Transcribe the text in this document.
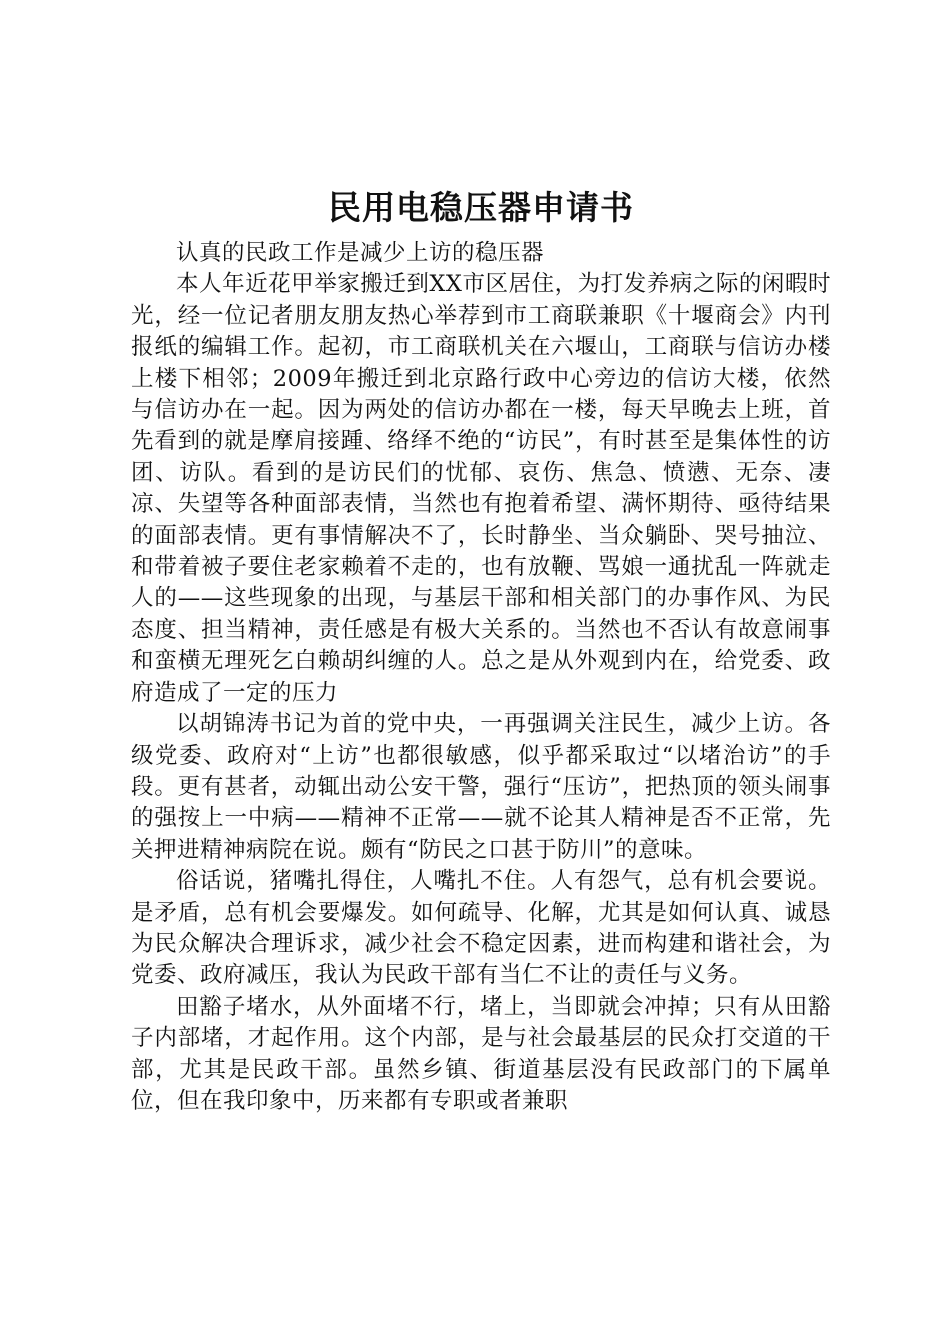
民用电稳压器申请书

认真的民政工作是减少上访的稳压器

本人年近花甲举家搬迁到XX市区居住，为打发养病之际的闲暇时光，经一位记者朋友朋友热心举荐到市工商联兼职《十堰商会》内刊报纸的编辑工作。起初，市工商联机关在六堰山，工商联与信访办楼上楼下相邻；2009年搬迁到北京路行政中心旁边的信访大楼，依然与信访办在一起。因为两处的信访办都在一楼，每天早晚去上班，首先看到的就是摩肩接踵、络绎不绝的“访民”，有时甚至是集体性的访团、访队。看到的是访民们的忧郁、哀伤、焦急、愤懑、无奈、凄凉、失望等各种面部表情，当然也有抱着希望、满怀期待、亟待结果的面部表情。更有事情解决不了，长时静坐、当众躺卧、哭号抽泣、和带着被子要住老家赖着不走的，也有放鞭、骂娘一通扰乱一阵就走人的——这些现象的出现，与基层干部和相关部门的办事作风、为民态度、担当精神，责任感是有极大关系的。当然也不否认有故意闹事和蛮横无理死乞白赖胡纠缠的人。总之是从外观到内在，给党委、政府造成了一定的压力

以胡锦涛书记为首的党中央，一再强调关注民生，减少上访。各级党委、政府对“上访”也都很敏感，似乎都采取过“以堵治访”的手段。更有甚者，动辄出动公安干警，强行“压访”，把热顶的领头闹事的强按上一中病——精神不正常——就不论其人精神是否不正常，先关押进精神病院在说。颇有“防民之口甚于防川”的意味。

俗话说，猪嘴扎得住，人嘴扎不住。人有怨气，总有机会要说。是矛盾，总有机会要爆发。如何疏导、化解，尤其是如何认真、诚恳为民众解决合理诉求，减少社会不稳定因素，进而构建和谐社会，为党委、政府减压，我认为民政干部有当仁不让的责任与义务。

田豁子堵水，从外面堵不行，堵上，当即就会冲掉；只有从田豁子内部堵，才起作用。这个内部，是与社会最基层的民众打交道的干部，尤其是民政干部。虽然乡镇、街道基层没有民政部门的下属单位，但在我印象中，历来都有专职或者兼职
